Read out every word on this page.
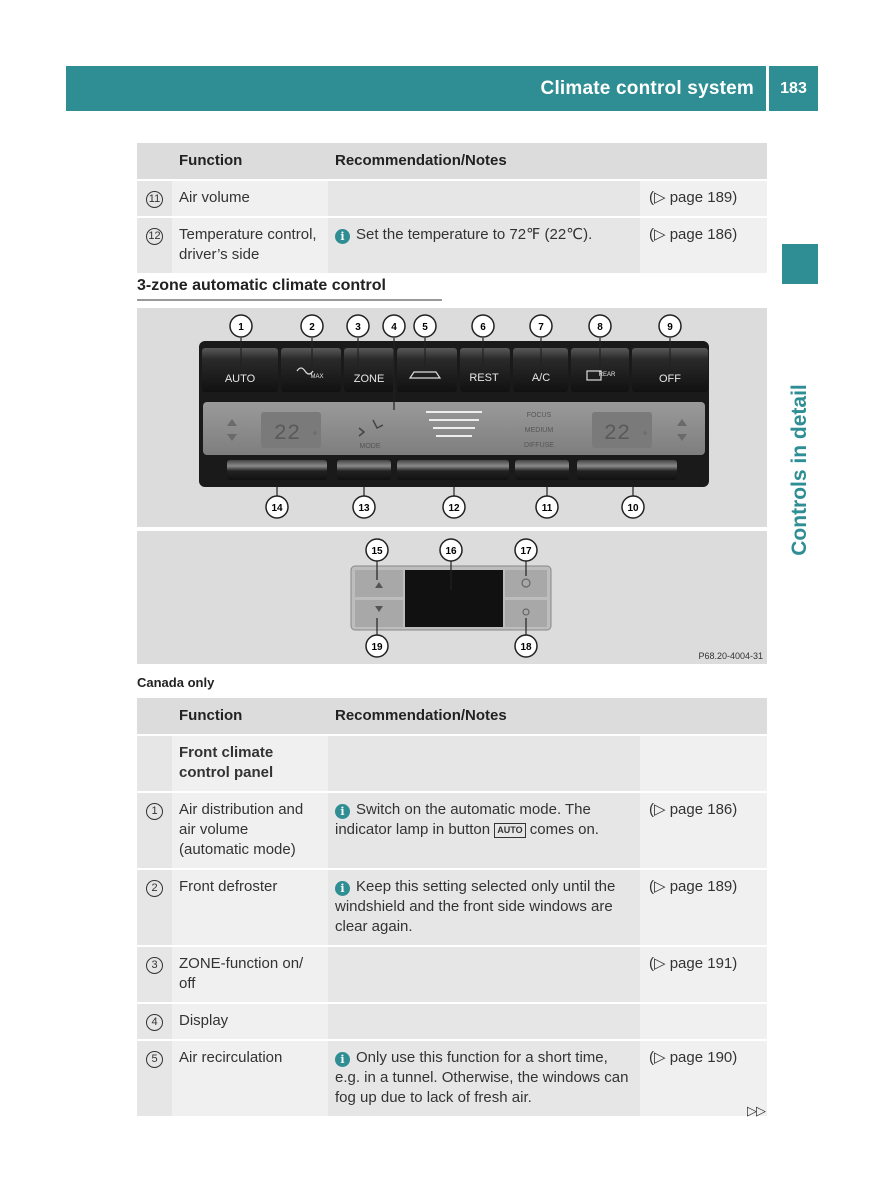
Climate control system	183
Controls in detail
	Function	Recommendation/Notes	
11	Air volume		(▷ page 189)
12	Temperature control, driver’s side	i Set the temperature to 72℉ (22℃).	(▷ page 186)
3-zone automatic climate control
AUTO	MAX	ZONE	REST	A/C	REAR	OFF
22	22
°	°
MODE
FOCUS
MEDIUM
DIFFUSE
1	2	3	4	5	6	7	8	9
14	13	12	11	10
15	16	17
19	18
P68.20-4004-31
Canada only
	Function	Recommendation/Notes	
	Front climate control panel		
1	Air distribution and air volume (automatic mode)	i Switch on the automatic mode. The indicator lamp in button AUTO comes on.	(▷ page 186)
2	Front defroster	i Keep this setting selected only until the windshield and the front side windows are clear again.	(▷ page 189)
3	ZONE-function on/ off		(▷ page 191)
4	Display		
5	Air recirculation	i Only use this function for a short time, e.g. in a tunnel. Otherwise, the windows can fog up due to lack of fresh air.	(▷ page 190)
▷▷
